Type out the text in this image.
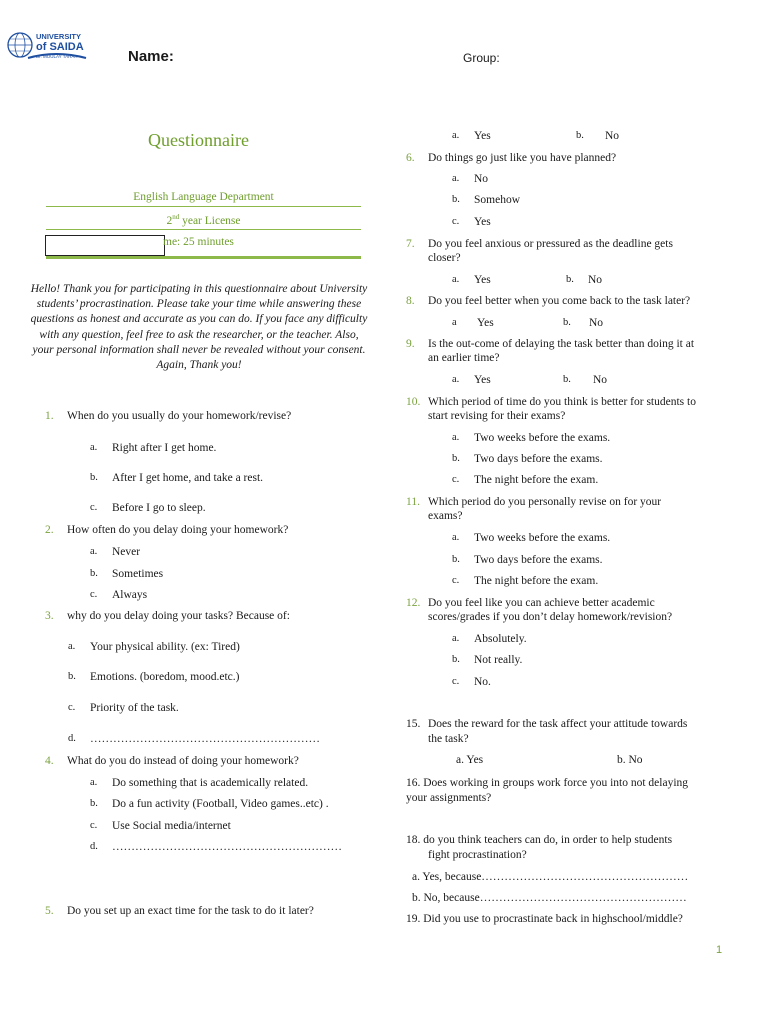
UNIVERSITY
of SAIDA
Dr. MOULAY TAHAR	Name:	Group:
Questionnaire
English Language Department
2nd year License
me: 25 minutes
Hello! Thank you for participating in this questionnaire about University students’ procrastination. Please take your time while answering these questions as honest and accurate as you can do. If you face any difficulty with any question, feel free to ask the researcher, or the teacher. Also, your personal information shall never be revealed without your consent. Again, Thank you!
1. When do you usually do your homework/revise?
a. Right after I get home.
b. After I get home, and take a rest.
c. Before I go to sleep.
2. How often do you delay doing your homework?
a. Never
b. Sometimes
c. Always
3. why do you delay doing your tasks? Because of:
a. Your physical ability. (ex: Tired)
b. Emotions. (boredom, mood.etc.)
c. Priority of the task.
d. ……………………………………………………
4. What do you do instead of doing your homework?
a. Do something that is academically related.
b. Do a fun activity (Football, Video games..etc) .
c. Use Social media/internet
d. ……………………………………………………
5. Do you set up an exact time for the task to do it later?
a. Yes	b. No
6. Do things go just like you have planned?
a. No
b. Somehow
c. Yes
7. Do you feel anxious or pressured as the deadline gets
closer?
a. Yes	b. No
8. Do you feel better when you come back to the task later?
a Yes	b. No
9. Is the out-come of delaying the task better than doing it at
an earlier time?
a. Yes	b. No
10. Which period of time do you think is better for students to
start revising for their exams?
a. Two weeks before the exams.
b. Two days before the exams.
c. The night before the exam.
11. Which period do you personally revise on for your
exams?
a. Two weeks before the exams.
b. Two days before the exams.
c. The night before the exam.
12. Do you feel like you can achieve better academic
scores/grades if you don’t delay homework/revision?
a. Absolutely.
b. Not really.
c. No.
15. Does the reward for the task affect your attitude towards
the task?
a. Yes	b. No
16. Does working in groups work force you into not delaying
your assignments?
18. do you think teachers can do, in order to help students
fight procrastination?
a. Yes, because………………………………………………
b. No, because………………………………………………
19. Did you use to procrastinate back in highschool/middle?
1
